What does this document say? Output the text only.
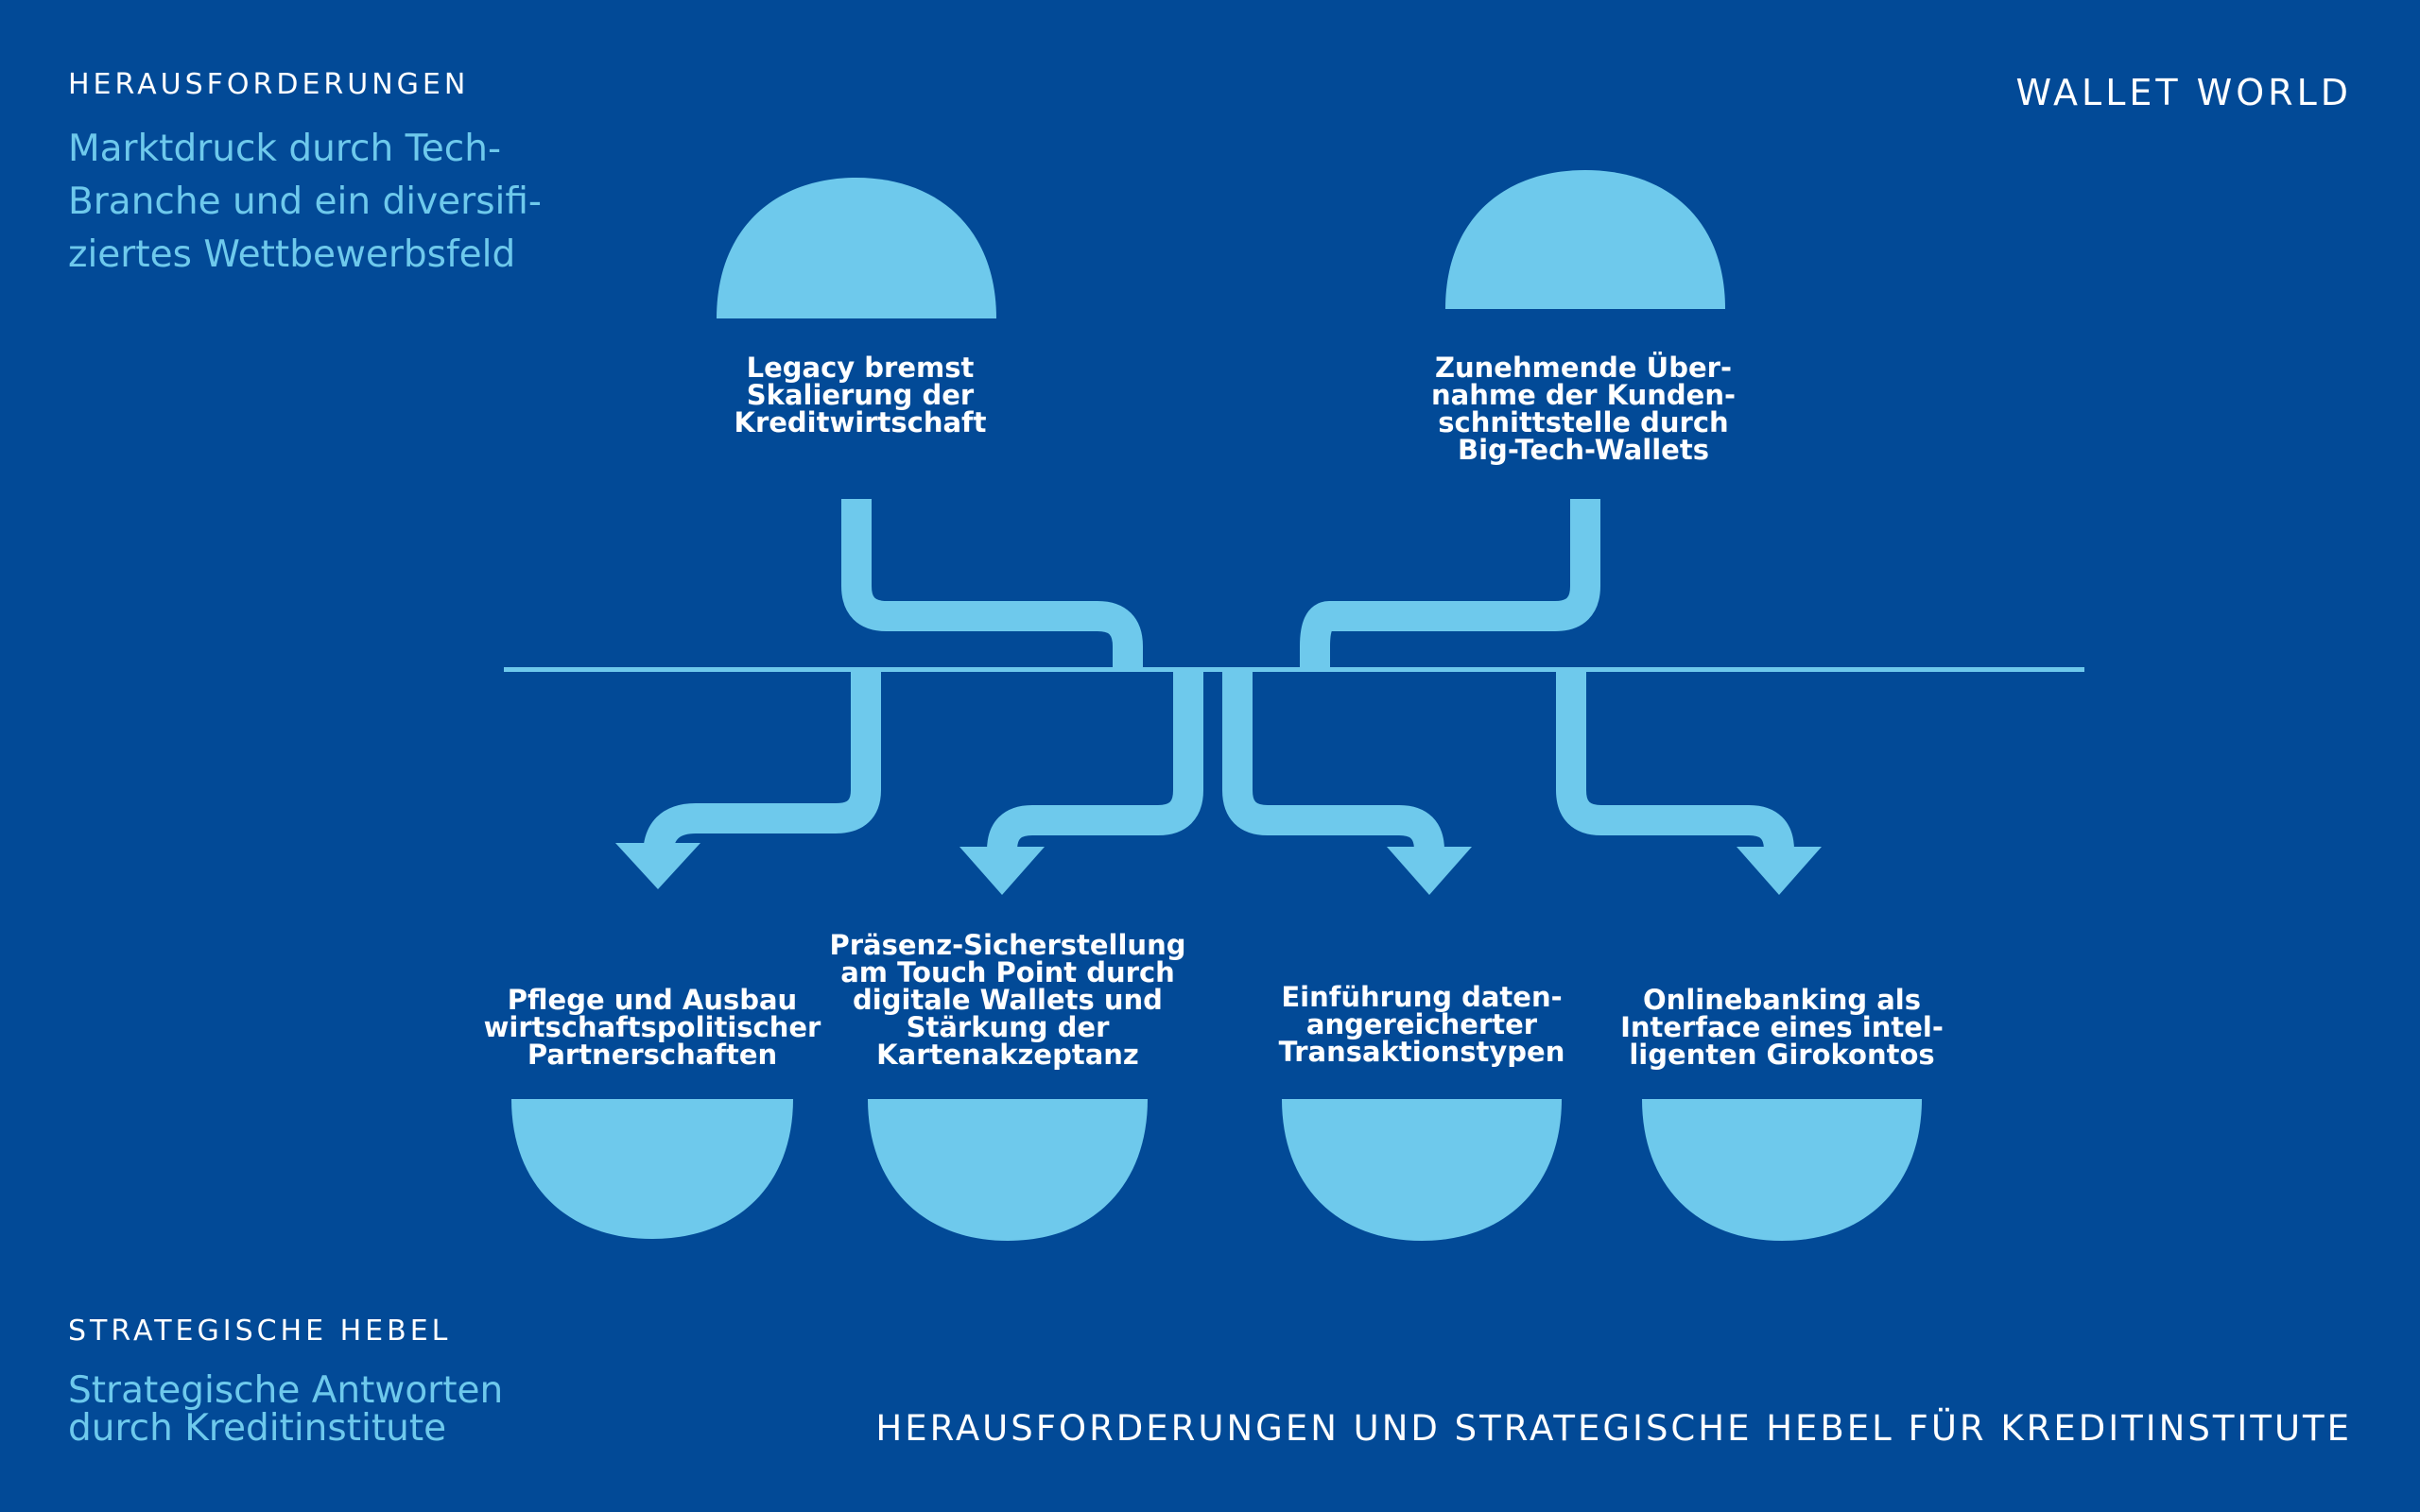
HERAUSFORDERUNGEN
Marktdruck durch Tech-
Branche und ein diversifi-
ziertes Wettbewerbsfeld
WALLET WORLD
Legacy bremst
Skalierung der
Kreditwirtschaft
Zunehmende Über-
nahme der Kunden-
schnittstelle durch
Big-Tech-Wallets
Pflege und Ausbau
wirtschaftspolitischer
Partnerschaften
Präsenz-Sicherstellung
am Touch Point durch
digitale Wallets und
Stärkung der
Kartenakzeptanz
Einführung daten-
angereicherter
Transaktionstypen
Onlinebanking als
Interface eines intel-
ligenten Girokontos
STRATEGISCHE HEBEL
Strategische Antworten
durch Kreditinstitute	HERAUSFORDERUNGEN UND STRATEGISCHE HEBEL FÜR KREDITINSTITUTE
